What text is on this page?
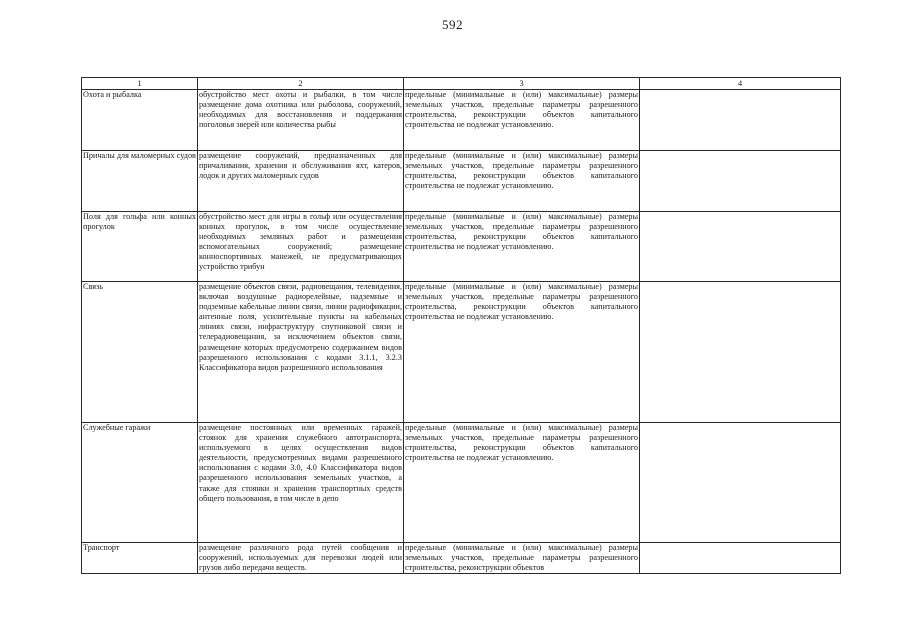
592
1	2	3	4
Охота и рыбалка	обустройство мест охоты и рыбалки, в том числе размещение дома охотника или рыболова, сооружений, необходимых для восстановления и поддержания поголовья зверей или количества рыбы	предельные (минимальные и (или) максимальные) размеры земельных участков, предельные параметры разрешенного строительства, реконструкции объектов капитального строительства не подлежат установлению.	
Причалы для маломерных судов	размещение сооружений, предназначенных для причаливания, хранения и обслуживания яхт, катеров, лодок и других маломерных судов	предельные (минимальные и (или) максимальные) размеры земельных участков, предельные параметры разрешенного строительства, реконструкции объектов капитального строительства не подлежат установлению.	
Поля для гольфа или конных прогулок	обустройство мест для игры в гольф или осуществления конных прогулок, в том числе осуществление необходимых земляных работ и размещения вспомогательных сооружений; размещение конноспортивных манежей, не предусматривающих устройство трибун	предельные (минимальные и (или) максимальные) размеры земельных участков, предельные параметры разрешенного строительства, реконструкции объектов капитального строительства не подлежат установлению.	
Связь	размещение объектов связи, радиовещания, телевидения, включая воздушные радиорелейные, надземные и подземные кабельные линии связи, линии радиофикации, антенные поля, усилительные пункты на кабельных линиях связи, инфраструктуру спутниковой связи и телерадиовещания, за исключением объектов связи, размещение которых предусмотрено содержанием видов разрешенного использования с кодами 3.1.1, 3.2.3 Классификатора видов разрешенного использования	предельные (минимальные и (или) максимальные) размеры земельных участков, предельные параметры разрешенного строительства, реконструкции объектов капитального строительства не подлежат установлению.	
Служебные гаражи	размещение постоянных или временных гаражей, стоянок для хранения служебного автотранспорта, используемого в целях осуществления видов деятельности, предусмотренных видами разрешенного использования с кодами 3.0, 4.0 Классификатора видов разрешенного использования земельных участков, а также для стоянки и хранения транспортных средств общего пользования, в том числе в депо	предельные (минимальные и (или) максимальные) размеры земельных участков, предельные параметры разрешенного строительства, реконструкции объектов капитального строительства не подлежат установлению.	
Транспорт	размещение различного рода путей сообщения и сооружений, используемых для перевозки людей или грузов либо передачи веществ.	предельные (минимальные и (или) максимальные) размеры земельных участков, предельные параметры разрешенного строительства, реконструкции объектов	
